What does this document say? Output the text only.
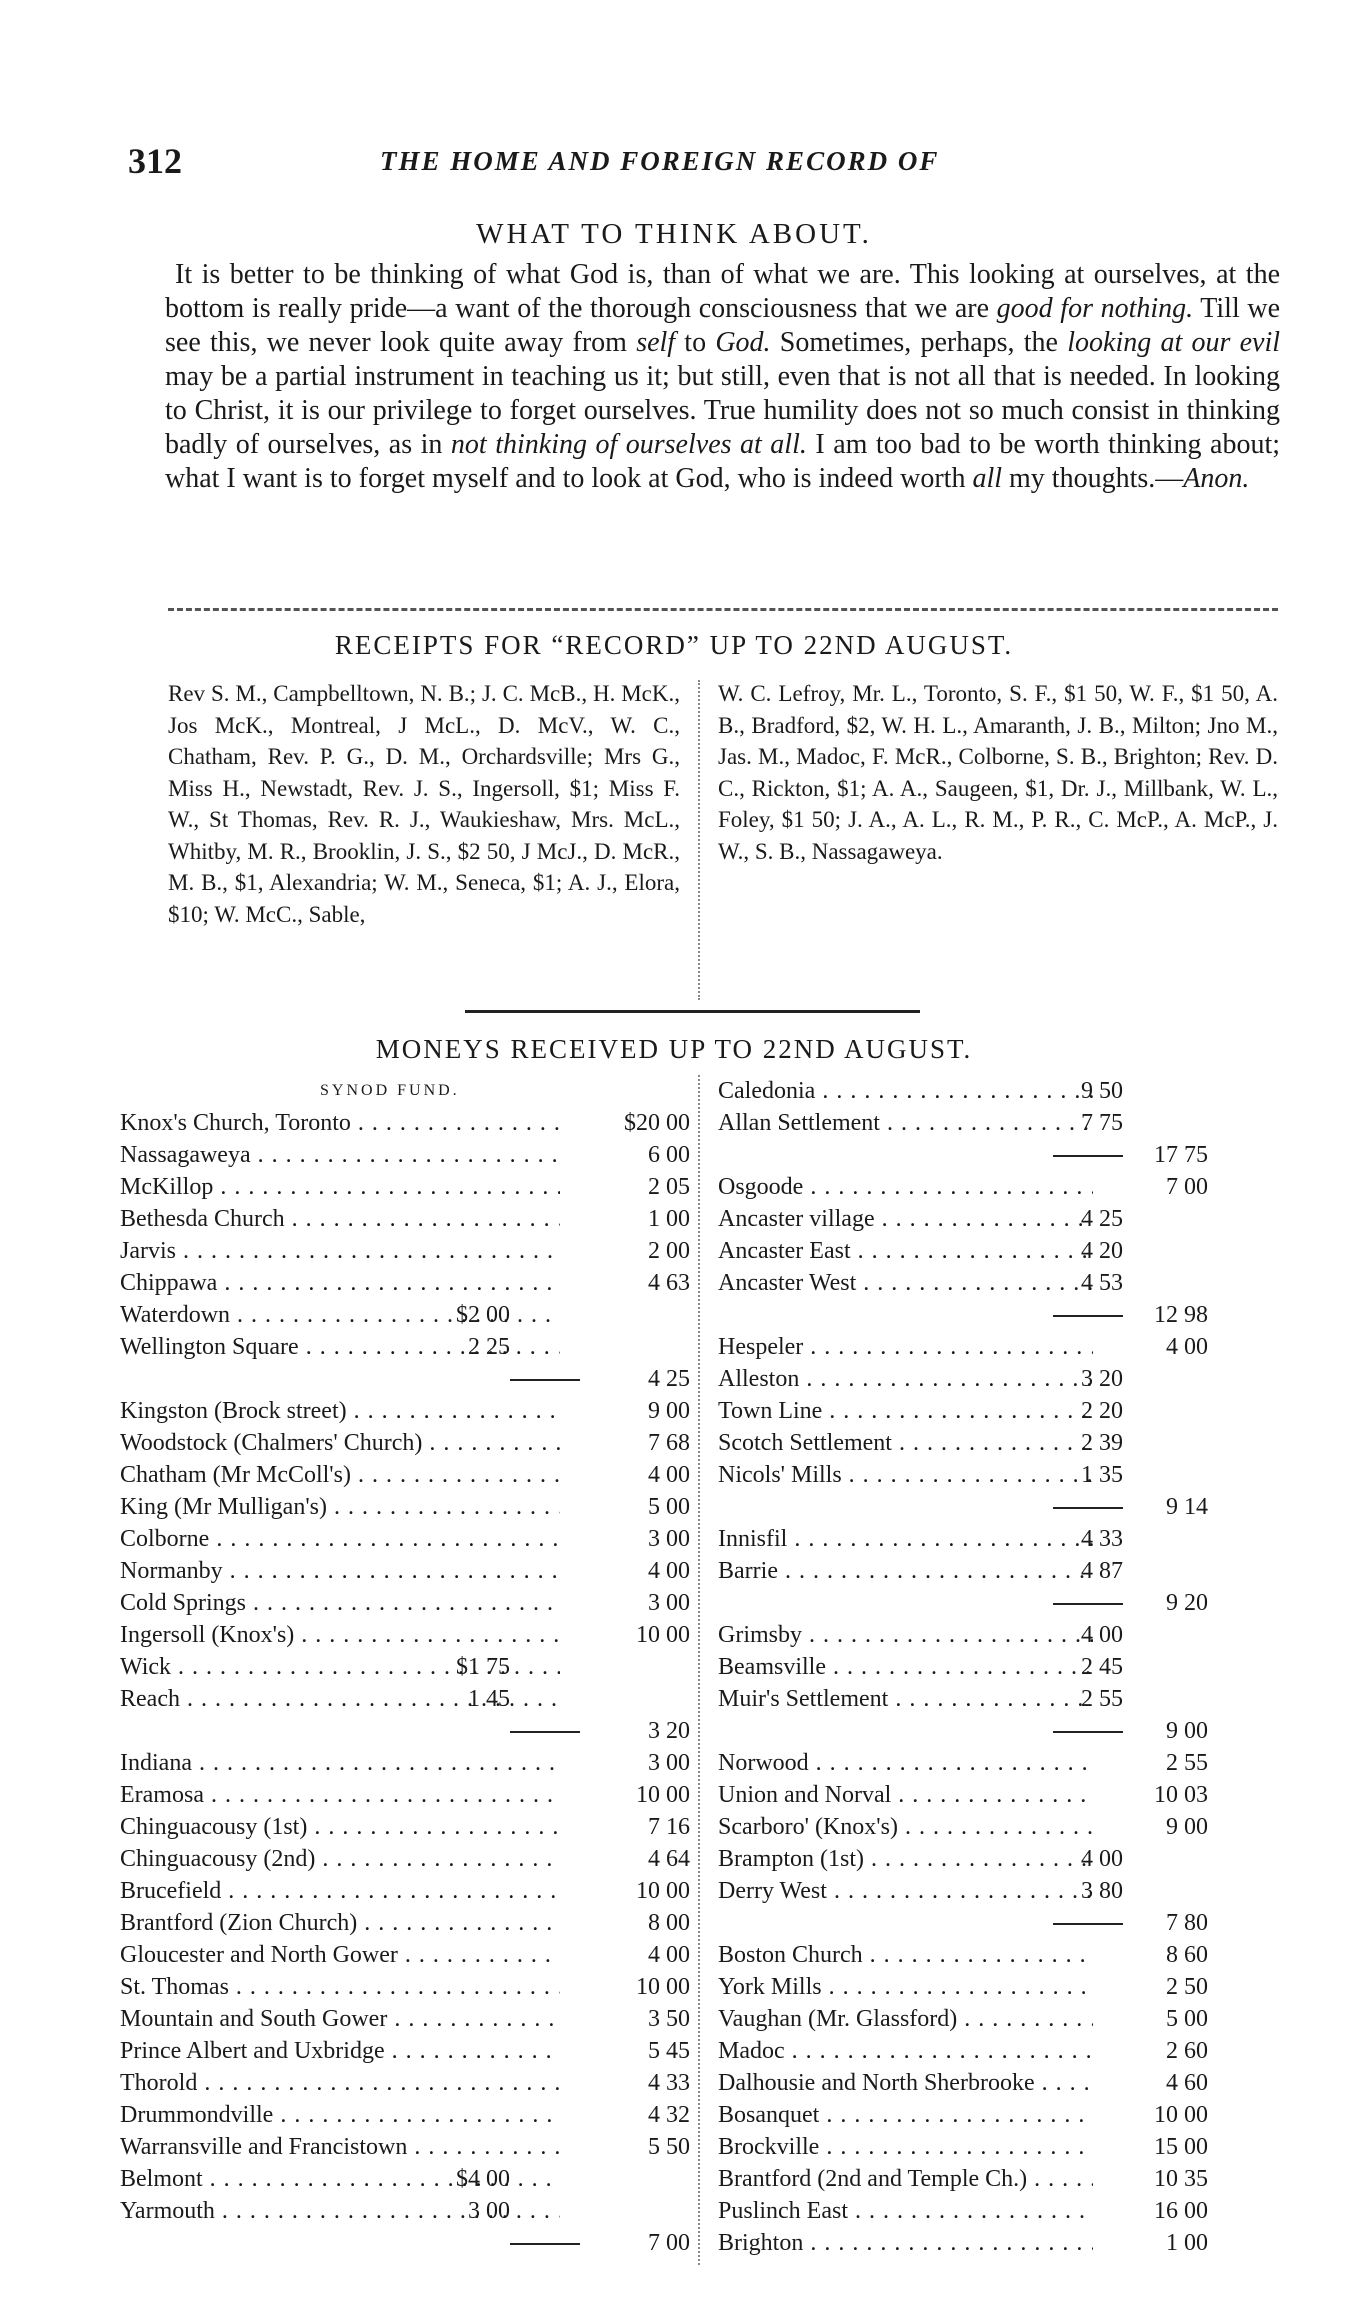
312	THE HOME AND FOREIGN RECORD OF
WHAT TO THINK ABOUT.

It is better to be thinking of what God is, than of what we are. This looking at ourselves, at the bottom is really pride—a want of the thorough consciousness that we are good for nothing. Till we see this, we never look quite away from self to God. Sometimes, perhaps, the looking at our evil may be a partial instrument in teaching us it; but still, even that is not all that is needed. In looking to Christ, it is our privilege to forget ourselves. True humility does not so much consist in thinking badly of ourselves, as in not thinking of ourselves at all. I am too bad to be worth thinking about; what I want is to forget myself and to look at God, who is indeed worth all my thoughts.—Anon.

RECEIPTS FOR “RECORD” UP TO 22ND AUGUST.

Rev S. M., Campbelltown, N. B.; J. C. McB., H. McK., Jos McK., Montreal, J McL., D. McV., W. C., Chatham, Rev. P. G., D. M., Orchardsville; Mrs G., Miss H., Newstadt, Rev. J. S., Ingersoll, $1; Miss F. W., St Thomas, Rev. R. J., Waukieshaw, Mrs. McL., Whitby, M. R., Brooklin, J. S., $2 50, J McJ., D. McR., M. B., $1, Alexandria; W. M., Seneca, $1; A. J., Elora, $10; W. McC., Sable,

W. C. Lefroy, Mr. L., Toronto, S. F., $1 50, W. F., $1 50, A. B., Bradford, $2, W. H. L., Amaranth, J. B., Milton; Jno M., Jas. M., Madoc, F. McR., Colborne, S. B., Brighton; Rev. D. C., Rickton, $1; A. A., Saugeen, $1, Dr. J., Millbank, W. L., Foley, $1 50; J. A., A. L., R. M., P. R., C. McP., A. McP., J. W., S. B., Nassagaweya.

MONEYS RECEIVED UP TO 22ND AUGUST.
SYNOD FUND.
Knox's Church, Toronto . . .	$20 00
Nassagaweya . . .	6 00
McKillop . . .	2 05
Bethesda Church . . .	1 00
Jarvis . . .	2 00
Chippawa . . .	4 63
Waterdown . . .	$2 00
Wellington Square . . .	2 25
4 25
Kingston (Brock street) . . .	9 00
Woodstock (Chalmers' Church) . . .	7 68
Chatham (Mr McColl's) . . .	4 00
King (Mr Mulligan's) . . .	5 00
Colborne . . .	3 00
Normanby . . .	4 00
Cold Springs . . .	3 00
Ingersoll (Knox's) . . .	10 00
Wick . . .	$1 75
Reach . . .	1 45
3 20
Indiana . . .	3 00
Eramosa . . .	10 00
Chinguacousy (1st) . . .	7 16
Chinguacousy (2nd) . . .	4 64
Brucefield . . .	10 00
Brantford (Zion Church) . . .	8 00
Gloucester and North Gower . . .	4 00
St. Thomas . . .	10 00
Mountain and South Gower . . .	3 50
Prince Albert and Uxbridge . . .	5 45
Thorold . . .	4 33
Drummondville . . .	4 32
Warransville and Francistown . . .	5 50
Belmont . . .	$4 00
Yarmouth . . .	3 00
7 00
Caledonia . . .	9 50
Allan Settlement . . .	7 75
17 75
Osgoode . . .	7 00
Ancaster village . . .	4 25
Ancaster East . . .	4 20
Ancaster West . . .	4 53
12 98
Hespeler . . .	4 00
Alleston . . .	3 20
Town Line . . .	2 20
Scotch Settlement . . .	2 39
Nicols' Mills . . .	1 35
9 14
Innisfil . . .	4 33
Barrie . . .	4 87
9 20
Grimsby . . .	4 00
Beamsville . . .	2 45
Muir's Settlement . . .	2 55
9 00
Norwood . . .	2 55
Union and Norval . . .	10 03
Scarboro' (Knox's) . . .	9 00
Brampton (1st) . . .	4 00
Derry West . . .	3 80
7 80
Boston Church . . .	8 60
York Mills . . .	2 50
Vaughan (Mr. Glassford) . . .	5 00
Madoc . . .	2 60
Dalhousie and North Sherbrooke . . .	4 60
Bosanquet . . .	10 00
Brockville . . .	15 00
Brantford (2nd and Temple Ch.) . . .	10 35
Puslinch East . . .	16 00
Brighton . . .	1 00
